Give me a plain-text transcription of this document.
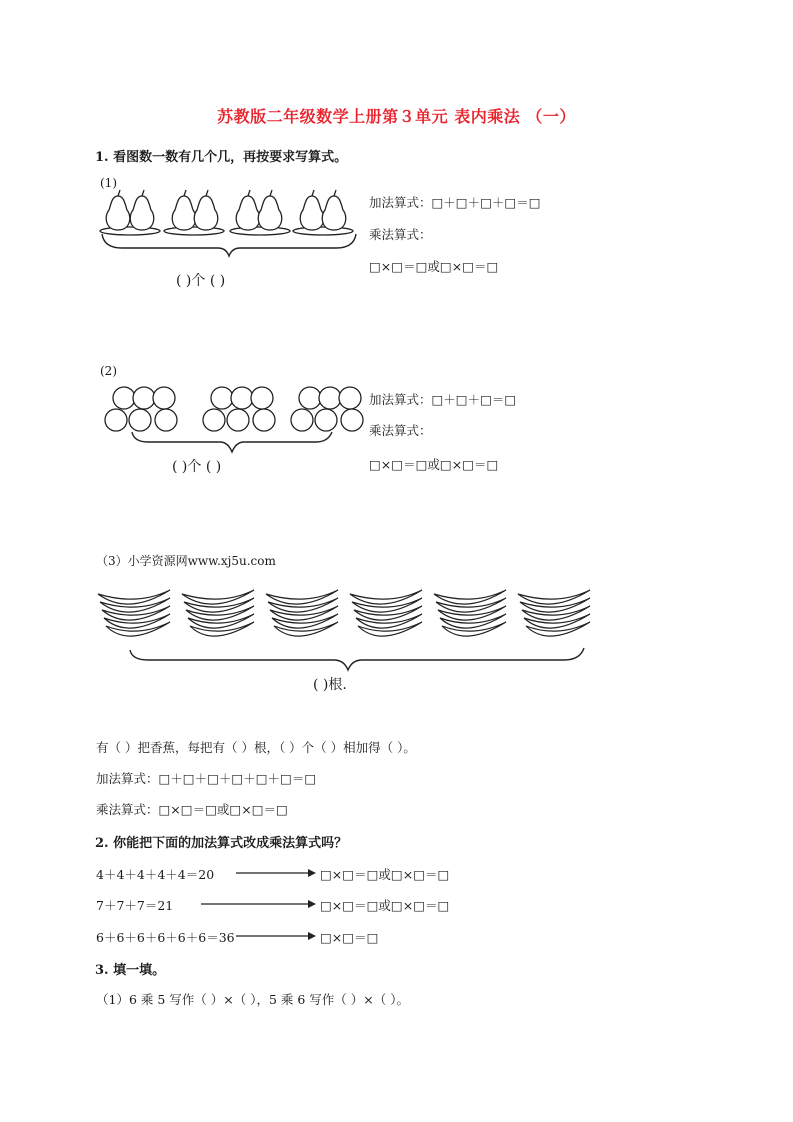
苏教版二年级数学上册第３单元 表内乘法 （一）
1. 看图数一数有几个几，再按要求写算式。
(1)
( )个 ( )
加法算式：□＋□＋□＋□＝□
乘法算式：
□×□＝□或□×□＝□
(2)
( )个 ( )
加法算式：□＋□＋□＝□
乘法算式：
□×□＝□或□×□＝□
（3）小学资源网www.xj5u.com
( )根.
有（ ）把香蕉，每把有（ ）根，（ ）个（ ）相加得（ ）。
加法算式：□＋□＋□＋□＋□＋□＝□
乘法算式：□×□＝□或□×□＝□
2. 你能把下面的加法算式改成乘法算式吗？
4＋4＋4＋4＋4＝20	□×□＝□或□×□＝□
7＋7＋7＝21	□×□＝□或□×□＝□
6＋6＋6＋6＋6＋6＝36	□×□＝□
3. 填一填。
（1）6 乘 5 写作（ ）×（ ），5 乘 6 写作（ ）×（ ）。
